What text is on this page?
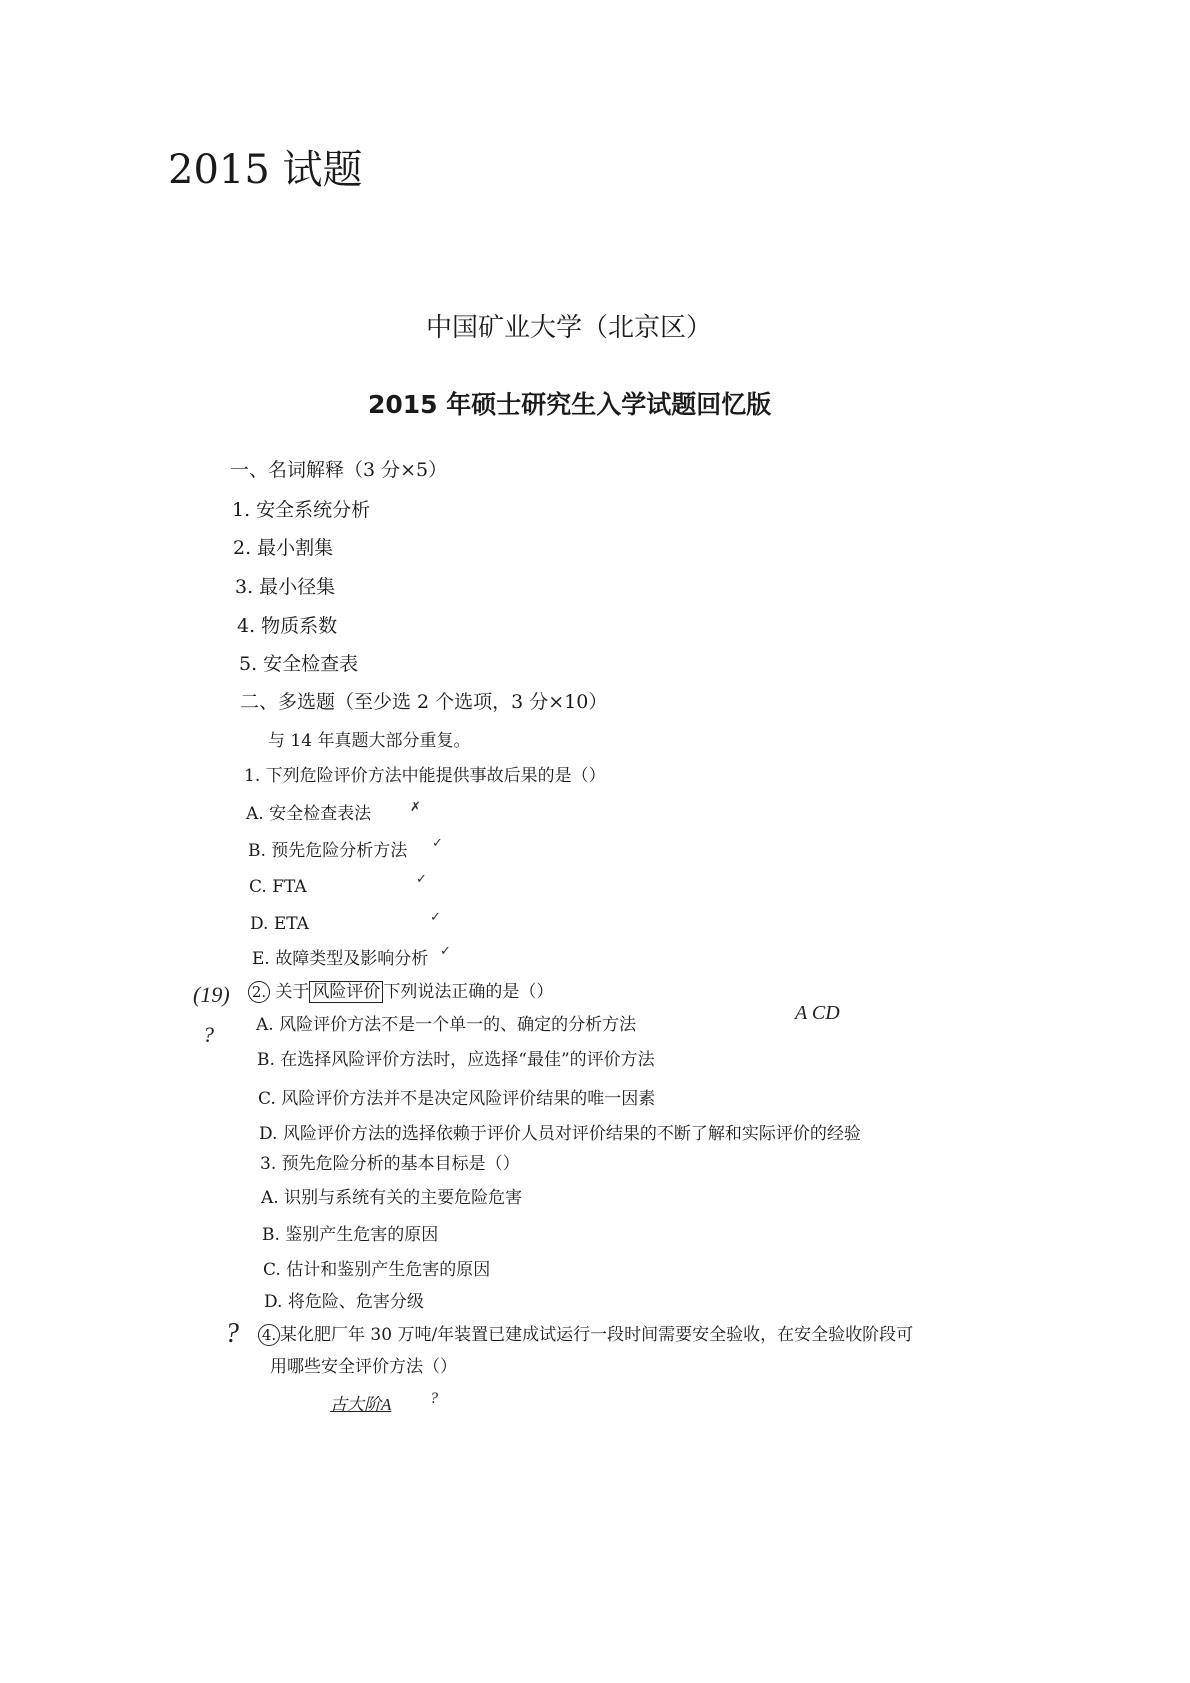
2015 试题
中国矿业大学（北京区）
2015 年硕士研究生入学试题回忆版
一、名词解释（3 分×5）
1. 安全系统分析
2. 最小割集
3. 最小径集
4. 物质系数
5. 安全检查表
二、多选题（至少选 2 个选项，3 分×10）
与 14 年真题大部分重复。
1. 下列危险评价方法中能提供事故后果的是（）
A. 安全检查表法	✗
B. 预先危险分析方法 ✓
C. FTA	✓
D. ETA	✓
E. 故障类型及影响分析 ✓
(19)
?
A CD
2. 关于 风险评价 下列说法正确的是（）
A. 风险评价方法不是一个单一的、确定的分析方法
B. 在选择风险评价方法时，应选择“最佳”的评价方法
C. 风险评价方法并不是决定风险评价结果的唯一因素
D. 风险评价方法的选择依赖于评价人员对评价结果的不断了解和实际评价的经验
3. 预先危险分析的基本目标是（）
A. 识别与系统有关的主要危险危害
B. 鉴别产生危害的原因
C. 估计和鉴别产生危害的原因
D. 将危险、危害分级
? 4. 某化肥厂年 30 万吨/年装置已建成试运行一段时间需要安全验收，在安全验收阶段可
用哪些安全评价方法（）
古大阶A ?
